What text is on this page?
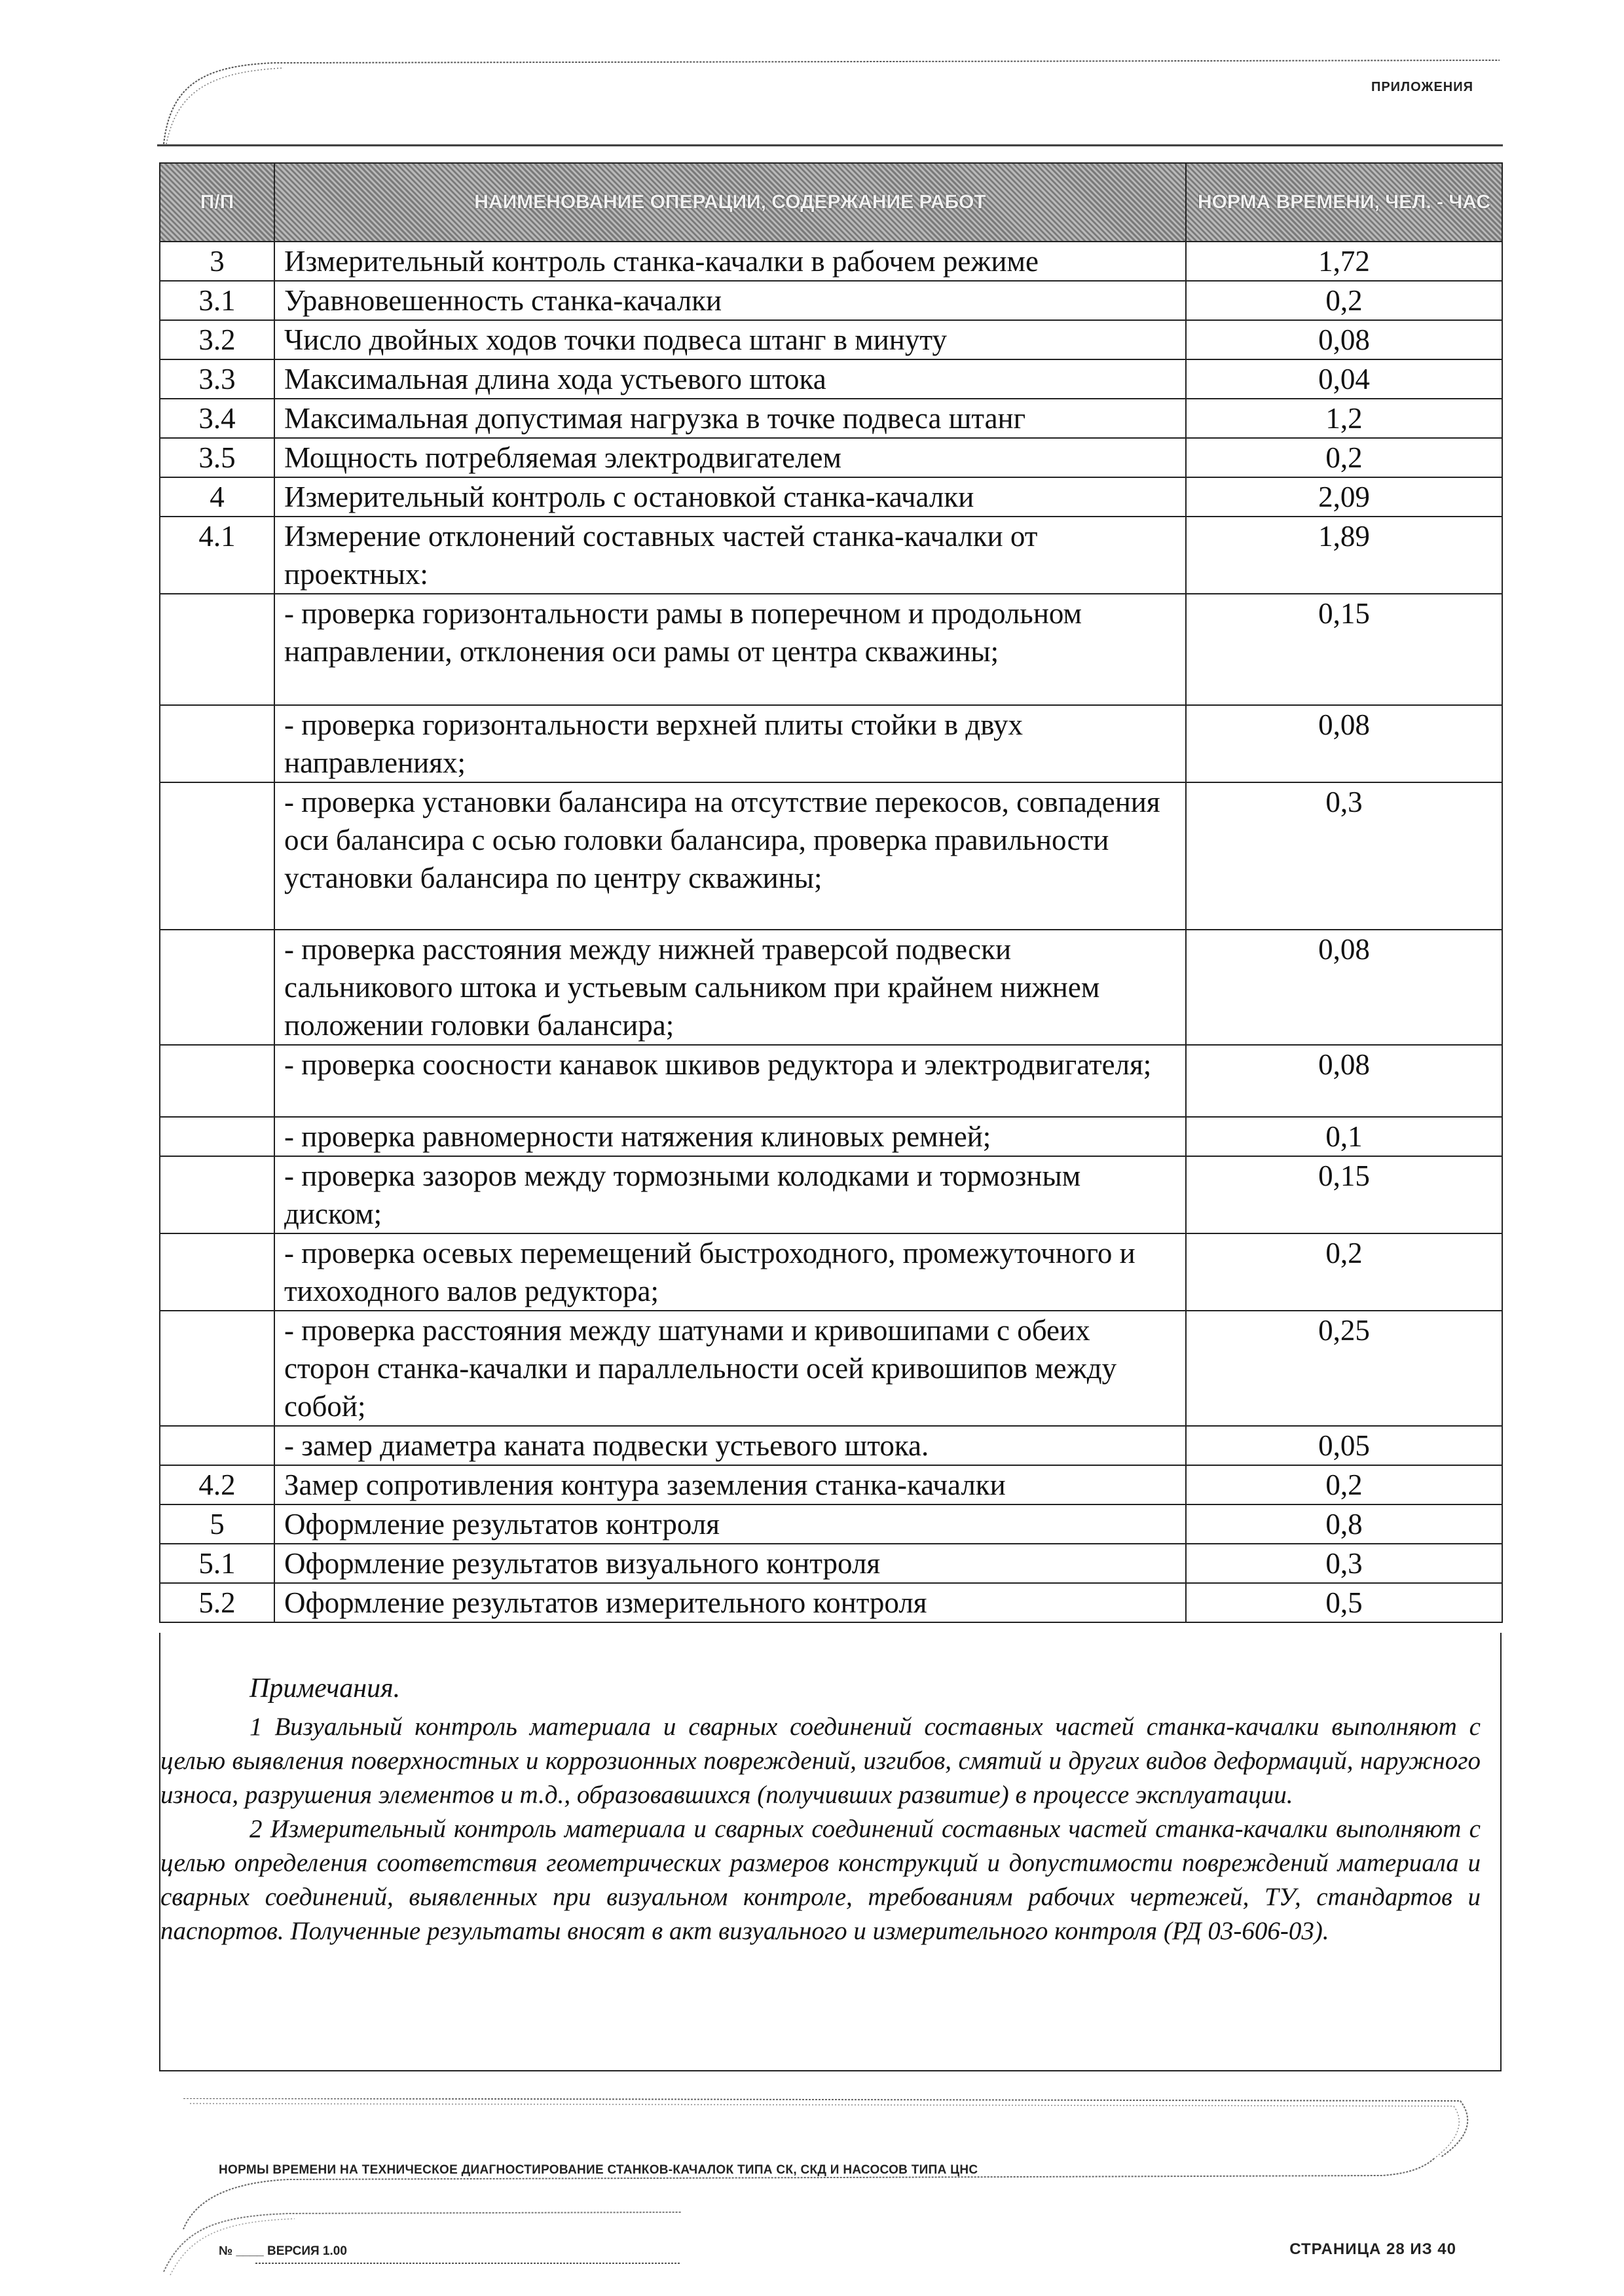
ПРИЛОЖЕНИЯ
П/П	НАИМЕНОВАНИЕ ОПЕРАЦИИ, СОДЕРЖАНИЕ РАБОТ	НОРМА ВРЕМЕНИ, ЧЕЛ. - ЧАС
3	Измерительный контроль станка-качалки в рабочем режиме	1,72
3.1	Уравновешенность станка-качалки	0,2
3.2	Число двойных ходов точки подвеса штанг в минуту	0,08
3.3	Максимальная длина хода устьевого штока	0,04
3.4	Максимальная допустимая нагрузка в точке подвеса штанг	1,2
3.5	Мощность потребляемая электродвигателем	0,2
4	Измерительный контроль с остановкой станка-качалки	2,09
4.1	Измерение отклонений составных частей станка-качалки от проектных:	1,89
	- проверка горизонтальности рамы в поперечном и продольном направлении, отклонения оси рамы от центра скважины;	0,15
	- проверка горизонтальности верхней плиты стойки в двух направлениях;	0,08
	- проверка установки балансира на отсутствие перекосов, совпадения оси балансира с осью головки балансира, проверка правильности установки балансира по центру скважины;	0,3
	- проверка расстояния между нижней траверсой подвески сальникового штока и устьевым сальником при крайнем нижнем положении головки балансира;	0,08
	- проверка соосности канавок шкивов редуктора и электродвигателя;	0,08
	- проверка равномерности натяжения клиновых ремней;	0,1
	- проверка зазоров между тормозными колодками и тормозным диском;	0,15
	- проверка осевых перемещений быстроходного, промежуточного и тихоходного валов редуктора;	0,2
	- проверка расстояния между шатунами и кривошипами с обеих сторон станка-качалки и параллельности осей кривошипов между собой;	0,25
	- замер диаметра каната подвески устьевого штока.	0,05
4.2	Замер сопротивления контура заземления станка-качалки	0,2
5	Оформление результатов контроля	0,8
5.1	Оформление результатов визуального контроля	0,3
5.2	Оформление результатов измерительного контроля	0,5

Примечания.

1 Визуальный контроль материала и сварных соединений составных частей станка-качалки выполняют с целью выявления поверхностных и коррозионных повреждений, изгибов, смятий и других видов деформаций, наружного износа, разрушения элементов и т.д., образовавшихся (получивших развитие) в процессе эксплуатации.

2 Измерительный контроль материала и сварных соединений составных частей станка-качалки выполняют с целью определения соответствия геометрических размеров конструкций и допустимости повреждений материала и сварных соединений, выявленных при визуальном контроле, требованиям рабочих чертежей, ТУ, стандартов и паспортов. Полученные результаты вносят в акт визуального и измерительного контроля (РД 03-606-03).

НОРМЫ ВРЕМЕНИ НА ТЕХНИЧЕСКОЕ ДИАГНОСТИРОВАНИЕ СТАНКОВ-КАЧАЛОК ТИПА СК, СКД И НАСОСОВ ТИПА ЦНС
№ ____ ВЕРСИЯ 1.00	СТРАНИЦА 28 ИЗ 40
